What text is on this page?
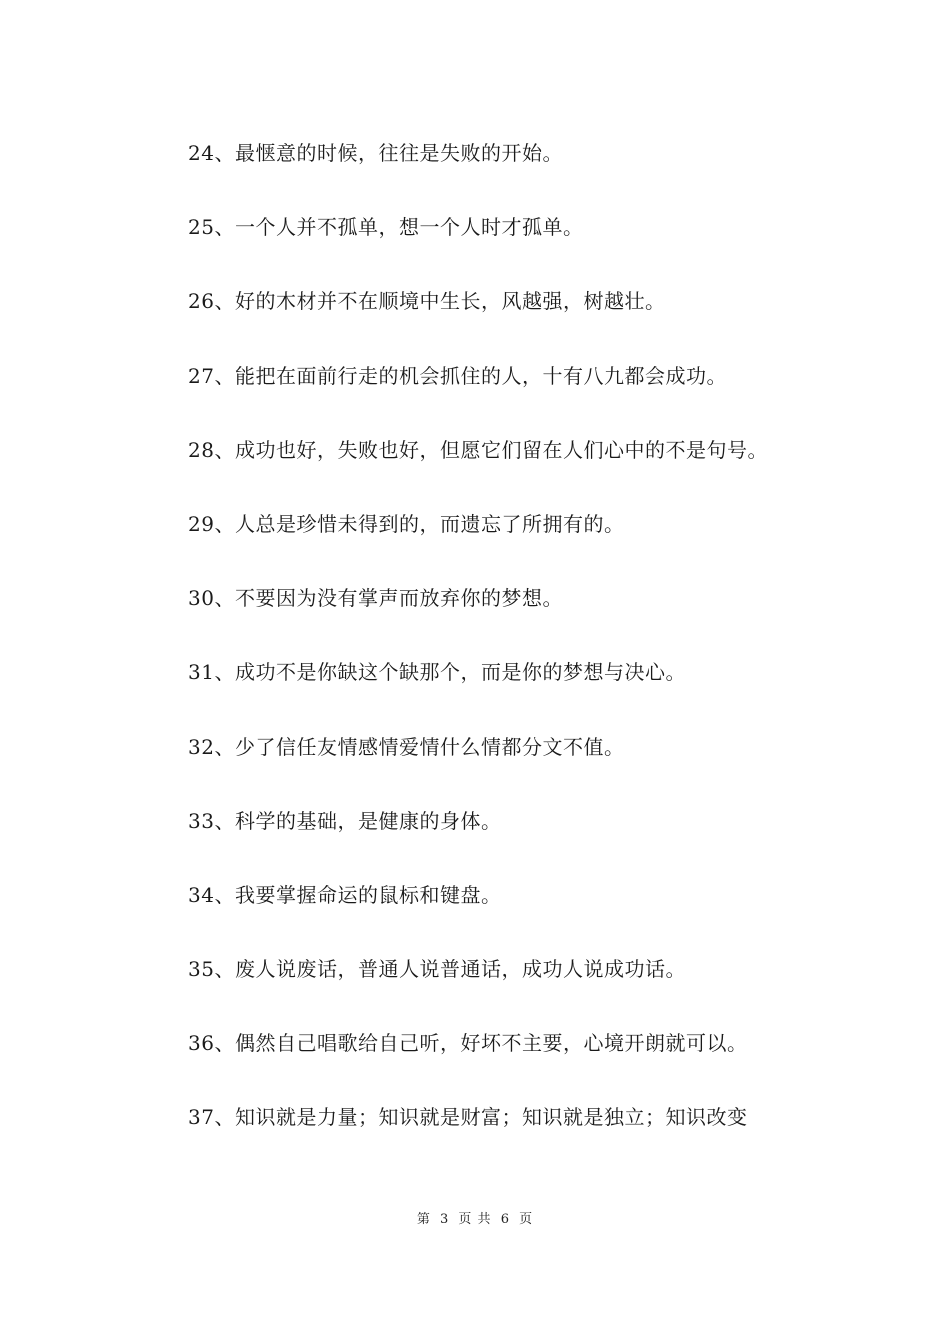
24、最惬意的时候，往往是失败的开始。
25、一个人并不孤单，想一个人时才孤单。
26、好的木材并不在顺境中生长，风越强，树越壮。
27、能把在面前行走的机会抓住的人，十有八九都会成功。
28、成功也好，失败也好，但愿它们留在人们心中的不是句号。
29、人总是珍惜未得到的，而遗忘了所拥有的。
30、不要因为没有掌声而放弃你的梦想。
31、成功不是你缺这个缺那个，而是你的梦想与决心。
32、少了信任友情感情爱情什么情都分文不值。
33、科学的基础，是健康的身体。
34、我要掌握命运的鼠标和键盘。
35、废人说废话，普通人说普通话，成功人说成功话。
36、偶然自己唱歌给自己听，好坏不主要，心境开朗就可以。
37、知识就是力量；知识就是财富；知识就是独立；知识改变
第 3 页 共 6 页
